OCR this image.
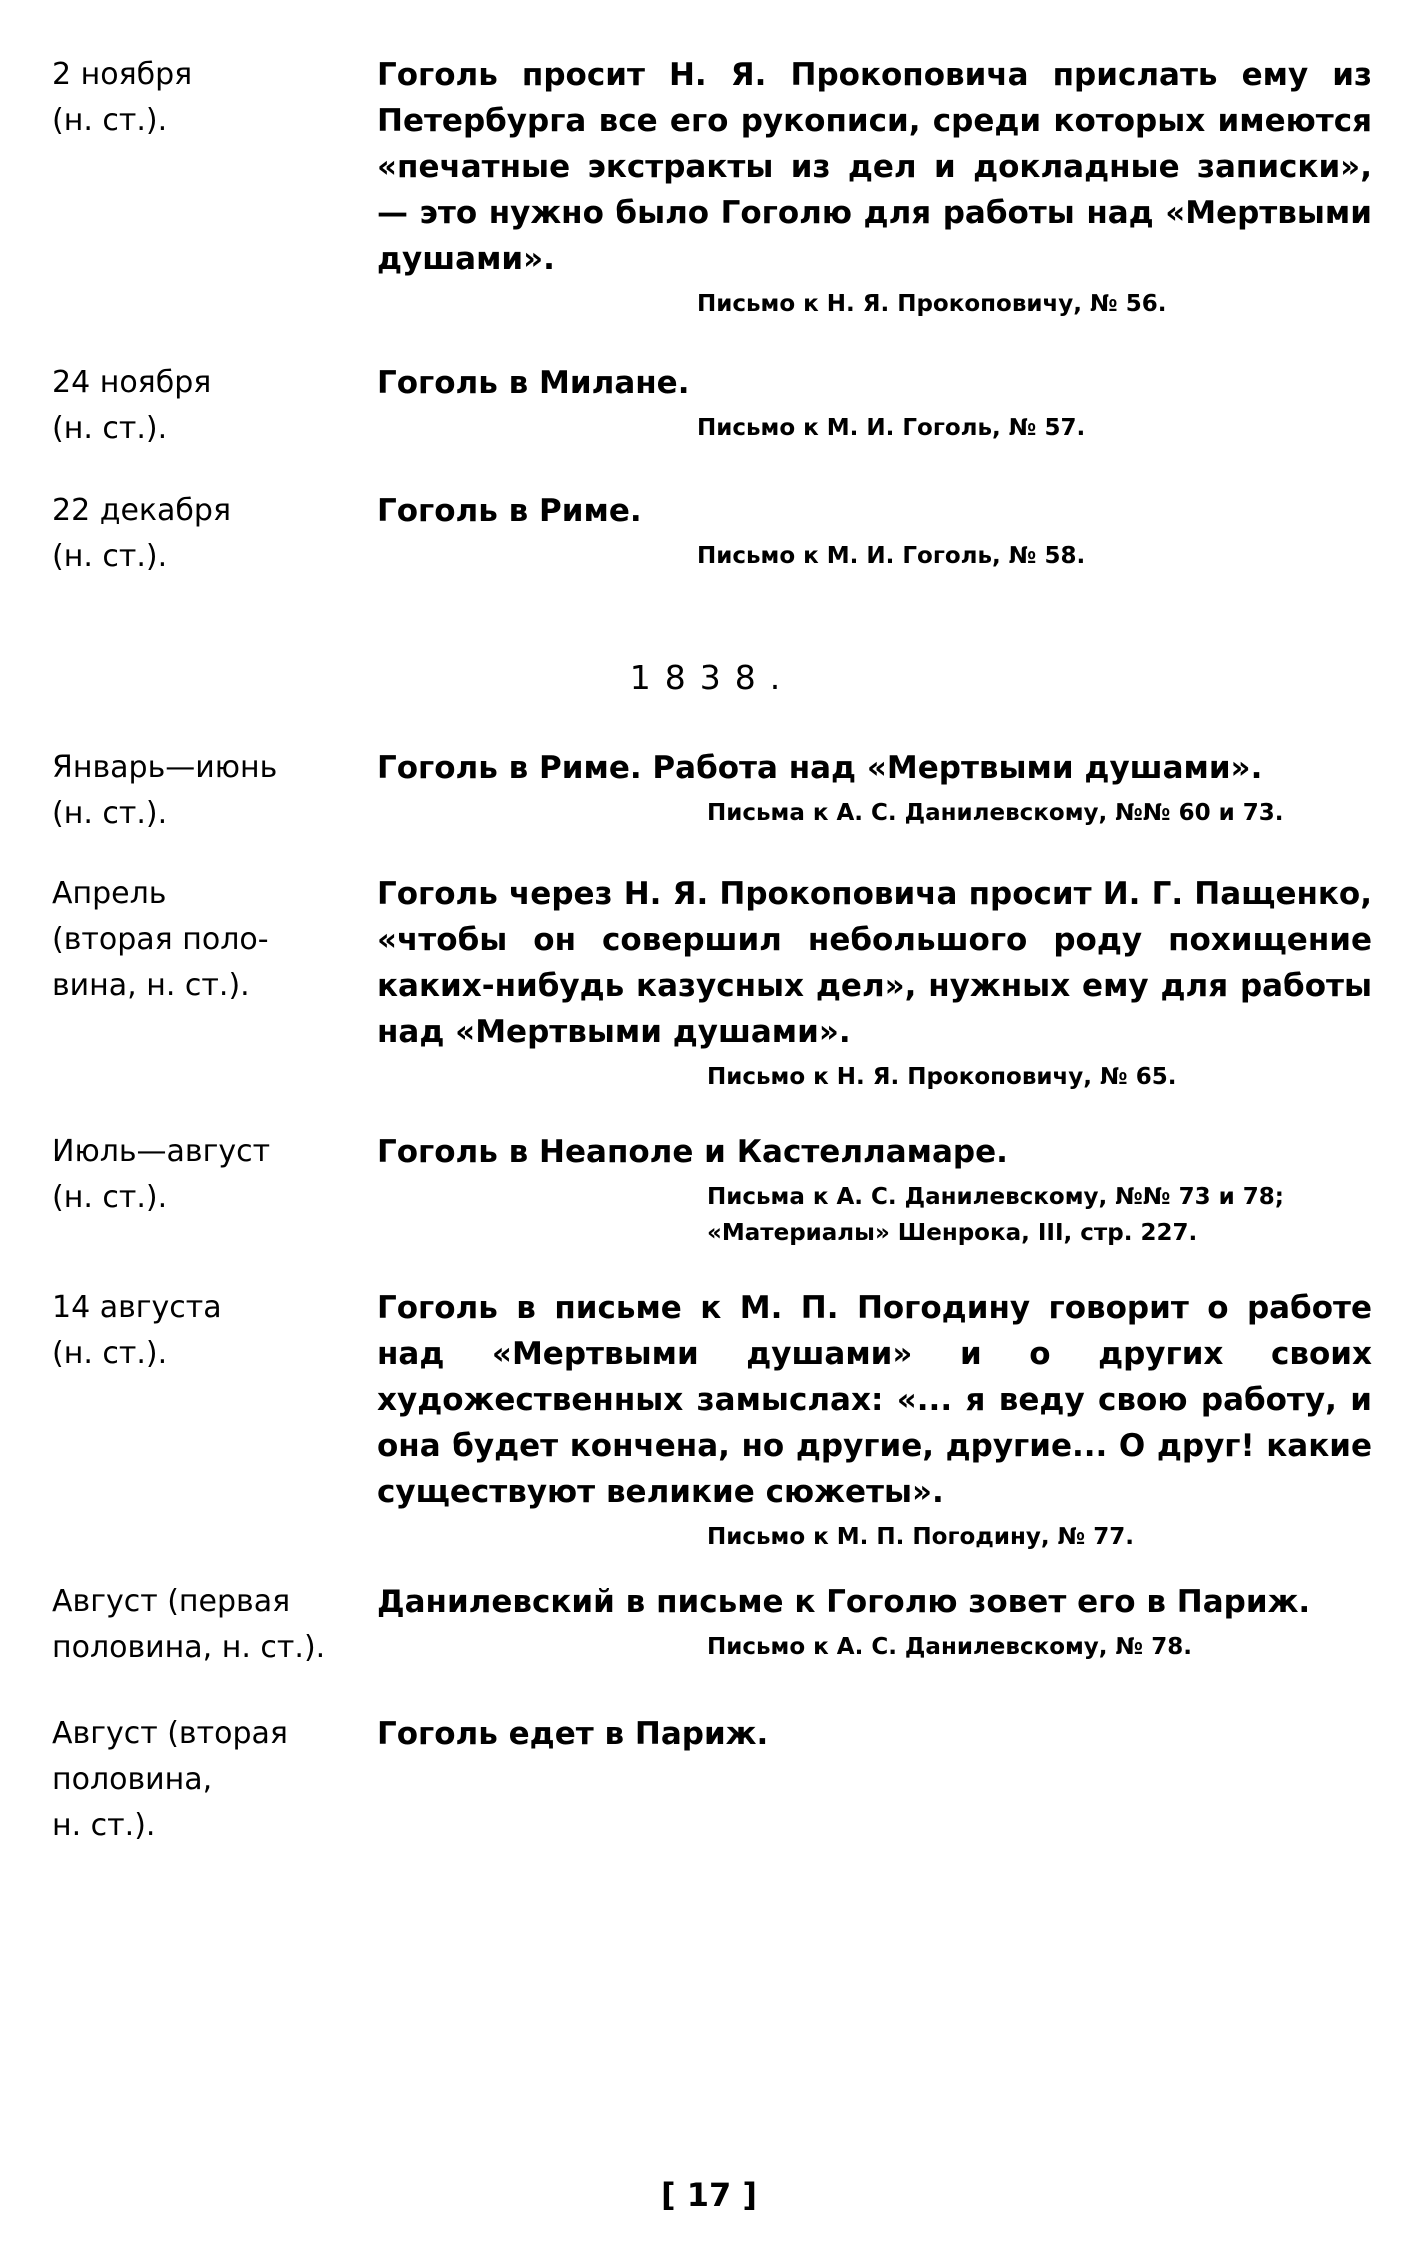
2 ноября
(н. ст.).

Гоголь просит Н. Я. Прокоповича прислать ему из Петербурга все его рукописи, среди которых имеются «печатные экстракты из дел и докладные записки», — это нужно было Гоголю для работы над «Мертвыми душами».

Письмо к Н. Я. Прокоповичу, № 56.
24 ноября
(н. ст.).

Гоголь в Милане.

Письмо к М. И. Гоголь, № 57.
22 декабря
(н. ст.).

Гоголь в Риме.

Письмо к М. И. Гоголь, № 58.
1838.
Январь—июнь
(н. ст.).

Гоголь в Риме. Работа над «Мертвыми душами».

Письма к А. С. Данилевскому, №№ 60 и 73.
Апрель
(вторая поло-
вина, н. ст.).

Гоголь через Н. Я. Прокоповича просит И. Г. Пащенко, «чтобы он совершил небольшого роду похищение каких-нибудь казусных дел», нужных ему для работы над «Мертвыми душами».

Письмо к Н. Я. Прокоповичу, № 65.
Июль—август
(н. ст.).

Гоголь в Неаполе и Кастелламаре.

Письма к А. С. Данилевскому, №№ 73 и 78;
«Материалы» Шенрока, III, стр. 227.
14 августа
(н. ст.).

Гоголь в письме к М. П. Погодину говорит о работе над «Мертвыми душами» и о других своих художественных замыслах: «... я веду свою работу, и она будет кончена, но другие, другие... О друг! какие существуют великие сюжеты».

Письмо к М. П. Погодину, № 77.
Август (первая
половина, н. ст.).

Данилевский в письме к Гоголю зовет его в Париж.

Письмо к А. С. Данилевскому, № 78.
Август (вторая
половина,
н. ст.).

Гоголь едет в Париж.

[ 17 ]
